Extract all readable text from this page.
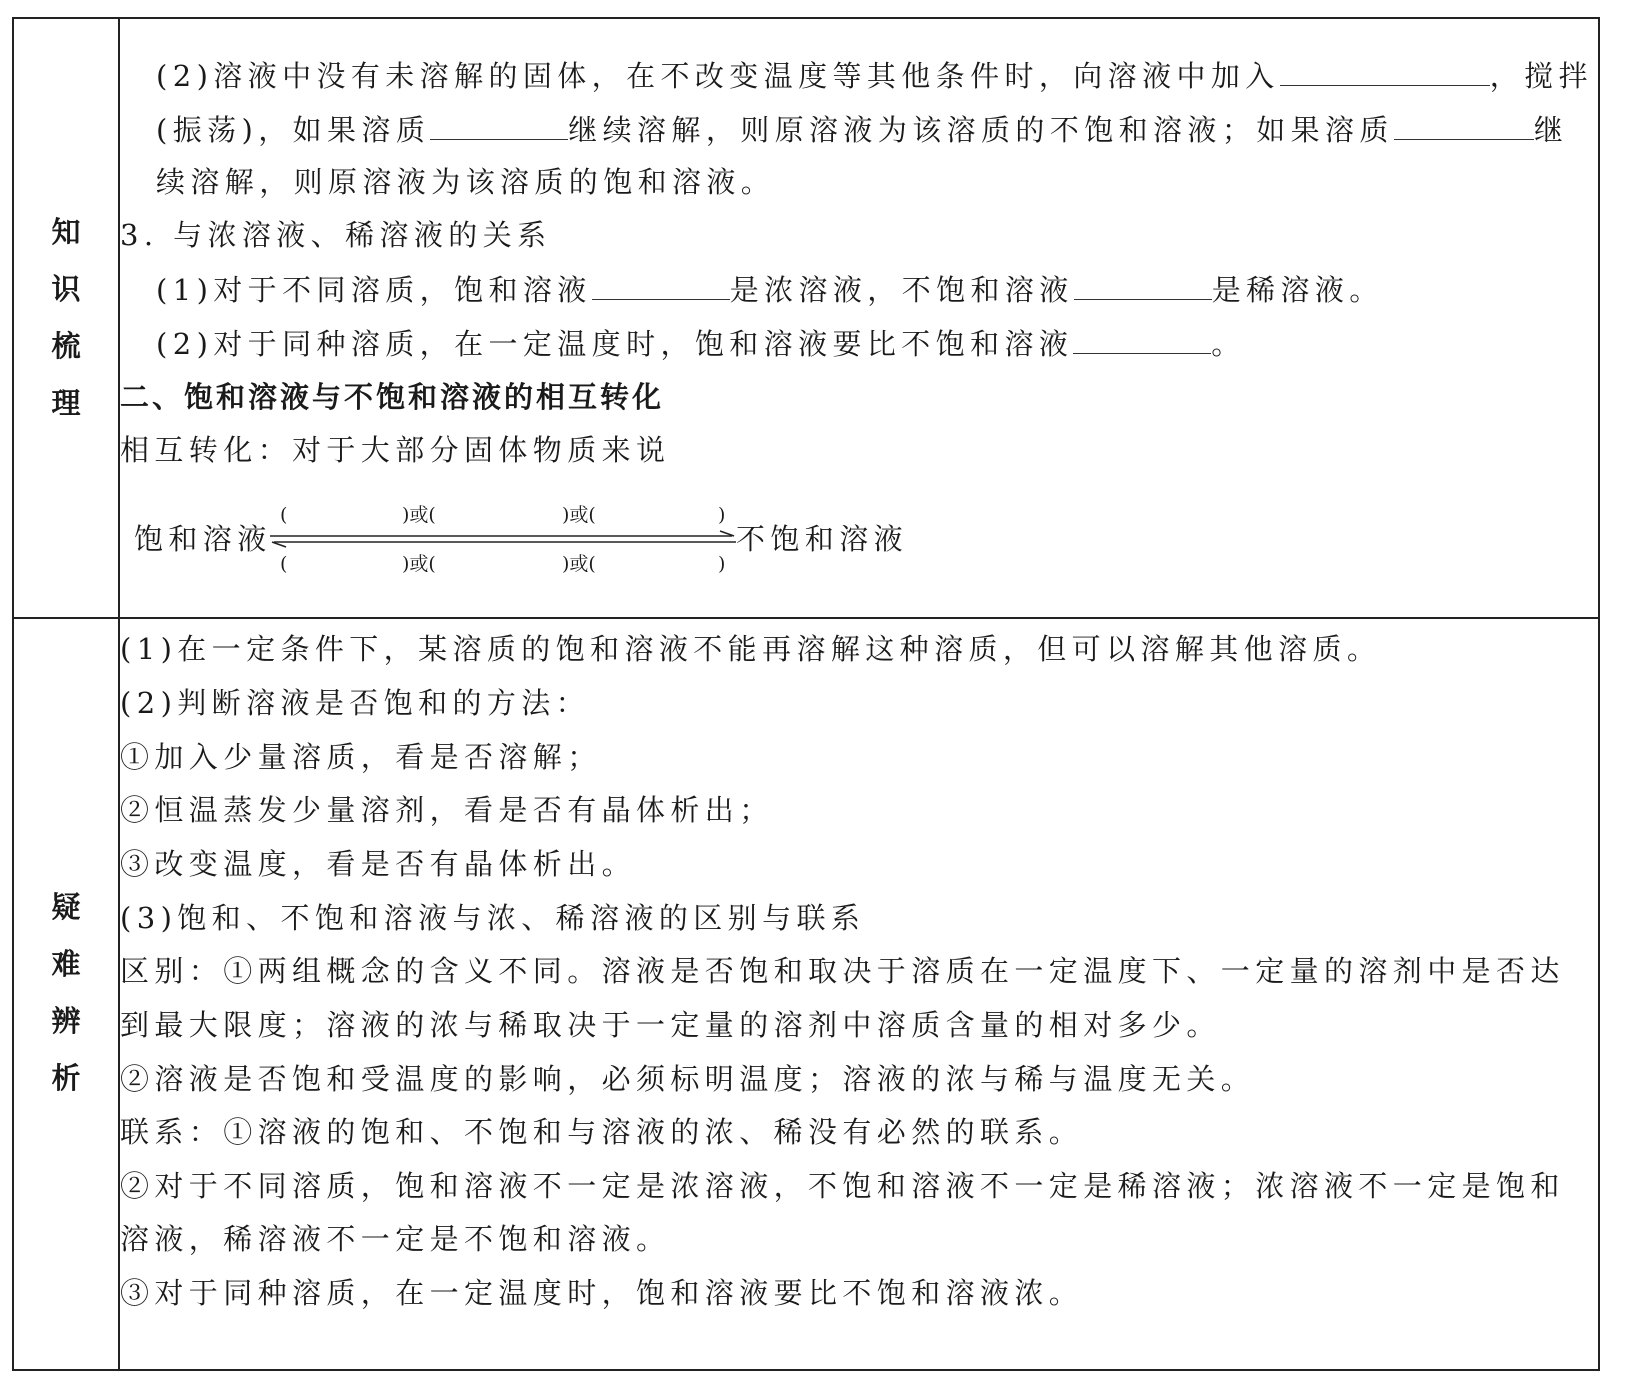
知
识
梳
理
(2)溶液中没有未溶解的固体，在不改变温度等其他条件时，向溶液中加入	，搅拌
(振荡)，如果溶质	继续溶解，则原溶液为该溶质的不饱和溶液；如果溶质	继
续溶解，则原溶液为该溶质的饱和溶液。
3. 与浓溶液、稀溶液的关系
(1)对于不同溶质，饱和溶液	是浓溶液，不饱和溶液	是稀溶液。
(2)对于同种溶质，在一定温度时，饱和溶液要比不饱和溶液	。
二、饱和溶液与不饱和溶液的相互转化
相互转化：对于大部分固体物质来说
饱和溶液
(	)或(	)或(	)
不饱和溶液
(	)或(	)或(	)
疑
难
辨
析
(1)在一定条件下，某溶质的饱和溶液不能再溶解这种溶质，但可以溶解其他溶质。
(2)判断溶液是否饱和的方法：
①加入少量溶质，看是否溶解；
②恒温蒸发少量溶剂，看是否有晶体析出；
③改变温度，看是否有晶体析出。
(3)饱和、不饱和溶液与浓、稀溶液的区别与联系
区别：①两组概念的含义不同。溶液是否饱和取决于溶质在一定温度下、一定量的溶剂中是否达
到最大限度；溶液的浓与稀取决于一定量的溶剂中溶质含量的相对多少。
②溶液是否饱和受温度的影响，必须标明温度；溶液的浓与稀与温度无关。
联系：①溶液的饱和、不饱和与溶液的浓、稀没有必然的联系。
②对于不同溶质，饱和溶液不一定是浓溶液，不饱和溶液不一定是稀溶液；浓溶液不一定是饱和
溶液，稀溶液不一定是不饱和溶液。
③对于同种溶质，在一定温度时，饱和溶液要比不饱和溶液浓。
